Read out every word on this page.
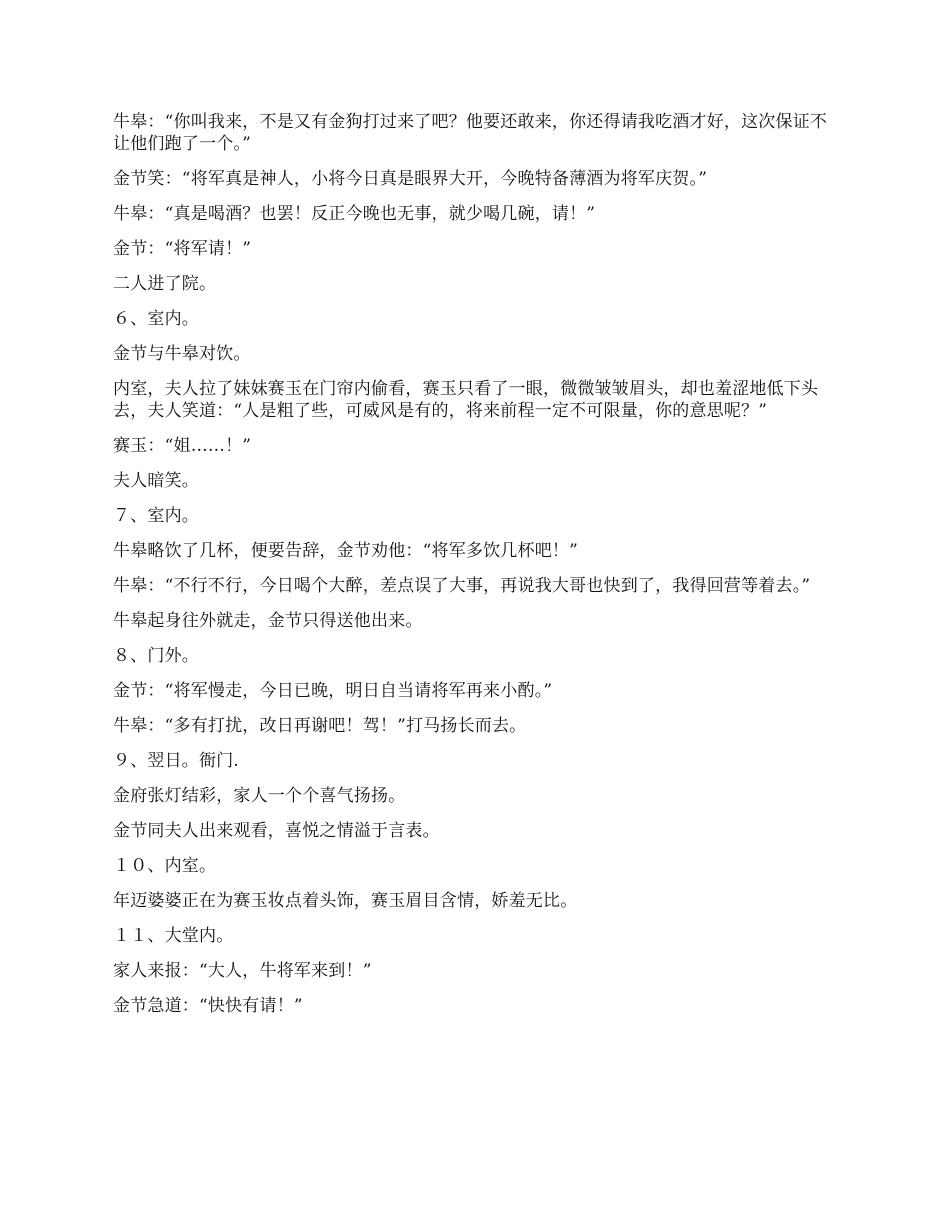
牛皋：“你叫我来，不是又有金狗打过来了吧？他要还敢来，你还得请我吃酒才好，这次保证不让他们跑了一个。”

金节笑：“将军真是神人，小将今日真是眼界大开，今晚特备薄酒为将军庆贺。”

牛皋：“真是喝酒？也罢！反正今晚也无事，就少喝几碗，请！”

金节：“将军请！”

二人进了院。

６、室内。

金节与牛皋对饮。

内室，夫人拉了妹妹赛玉在门帘内偷看，赛玉只看了一眼，微微皱皱眉头，却也羞涩地低下头去，夫人笑道：“人是粗了些，可威风是有的，将来前程一定不可限量，你的意思呢？”

赛玉：“姐……！”

夫人暗笑。

７、室内。

牛皋略饮了几杯，便要告辞，金节劝他：“将军多饮几杯吧！”

牛皋：“不行不行，今日喝个大醉，差点误了大事，再说我大哥也快到了，我得回营等着去。”

牛皋起身往外就走，金节只得送他出来。

８、门外。

金节：“将军慢走，今日已晚，明日自当请将军再来小酌。”

牛皋：“多有打扰，改日再谢吧！驾！”打马扬长而去。

９、翌日。衙门.

金府张灯结彩，家人一个个喜气扬扬。

金节同夫人出来观看，喜悦之情溢于言表。

１０、内室。

年迈婆婆正在为赛玉妆点着头饰，赛玉眉目含情，娇羞无比。

１１、大堂内。

家人来报：“大人，牛将军来到！”

金节急道：“快快有请！”
